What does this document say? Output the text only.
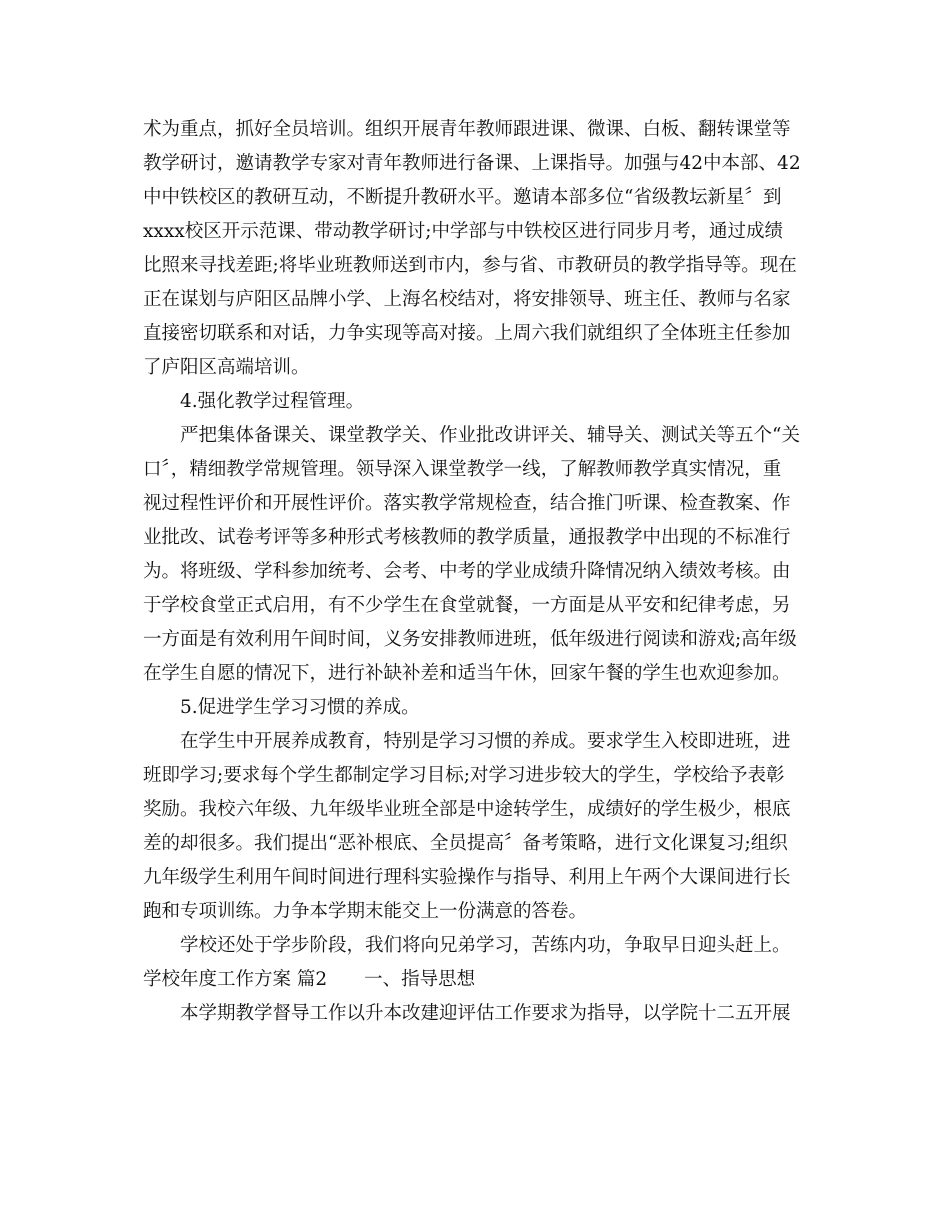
术为重点，抓好全员培训。组织开展青年教师跟进课、微课、白板、翻转课堂等
教学研讨，邀请教学专家对青年教师进行备课、上课指导。加强与42中本部、42
中中铁校区的教研互动，不断提升教研水平。邀请本部多位“省级教坛新星〞到
xxxx校区开示范课、带动教学研讨;中学部与中铁校区进行同步月考，通过成绩
比照来寻找差距;将毕业班教师送到市内，参与省、市教研员的教学指导等。现在
正在谋划与庐阳区品牌小学、上海名校结对，将安排领导、班主任、教师与名家
直接密切联系和对话，力争实现等高对接。上周六我们就组织了全体班主任参加
了庐阳区高端培训。
4.强化教学过程管理。
严把集体备课关、课堂教学关、作业批改讲评关、辅导关、测试关等五个“关
口〞，精细教学常规管理。领导深入课堂教学一线，了解教师教学真实情况，重
视过程性评价和开展性评价。落实教学常规检查，结合推门听课、检查教案、作
业批改、试卷考评等多种形式考核教师的教学质量，通报教学中出现的不标准行
为。将班级、学科参加统考、会考、中考的学业成绩升降情况纳入绩效考核。由
于学校食堂正式启用，有不少学生在食堂就餐，一方面是从平安和纪律考虑，另
一方面是有效利用午间时间，义务安排教师进班，低年级进行阅读和游戏;高年级
在学生自愿的情况下，进行补缺补差和适当午休，回家午餐的学生也欢迎参加。
5.促进学生学习习惯的养成。
在学生中开展养成教育，特别是学习习惯的养成。要求学生入校即进班，进
班即学习;要求每个学生都制定学习目标;对学习进步较大的学生，学校给予表彰
奖励。我校六年级、九年级毕业班全部是中途转学生，成绩好的学生极少，根底
差的却很多。我们提出“恶补根底、全员提高〞备考策略，进行文化课复习;组织
九年级学生利用午间时间进行理科实验操作与指导、利用上午两个大课间进行长
跑和专项训练。力争本学期末能交上一份满意的答卷。
学校还处于学步阶段，我们将向兄弟学习，苦练内功，争取早日迎头赶上。
学校年度工作方案 篇2　　一、指导思想
本学期教学督导工作以升本改建迎评估工作要求为指导，以学院十二五开展
